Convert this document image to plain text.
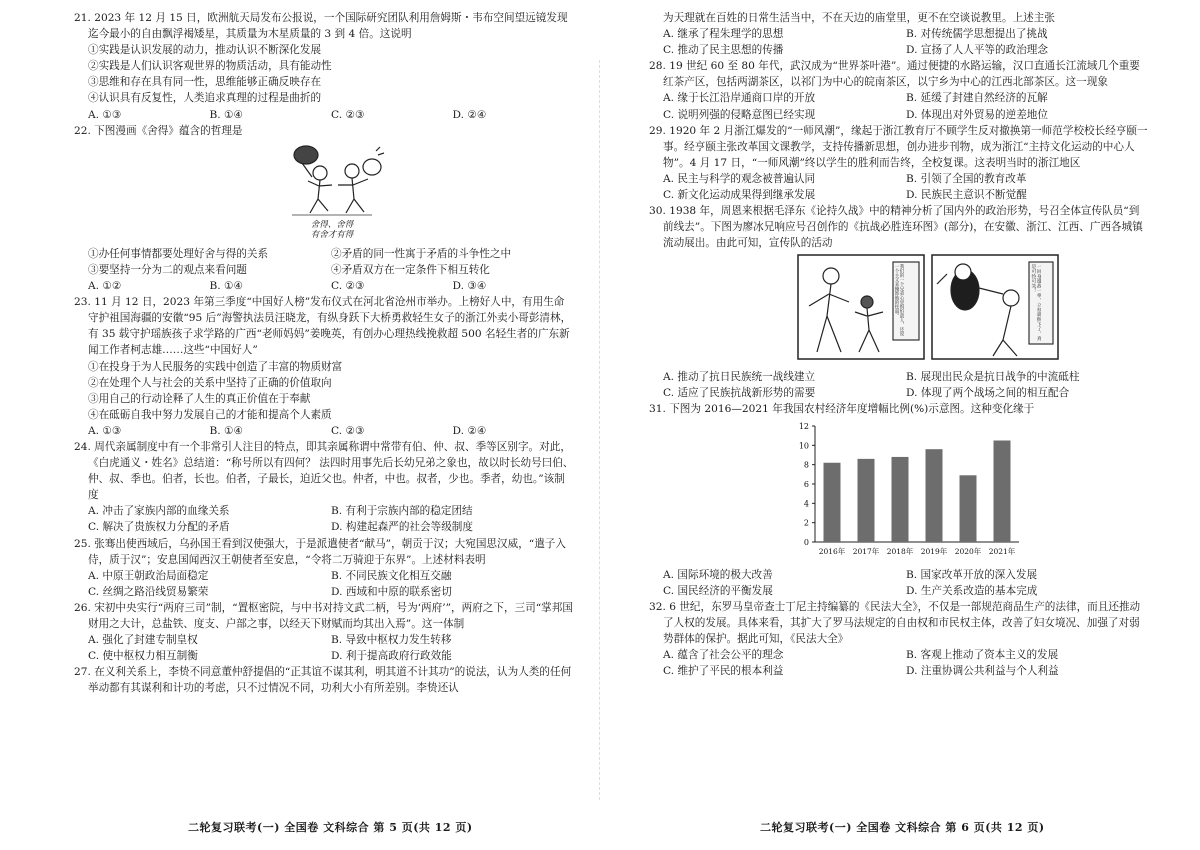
21. 2023 年 12 月 15 日，欧洲航天局发布公报说，一个国际研究团队利用詹姆斯・韦布空间望远镜发现迄今最小的自由飘浮褐矮星，其质量为木星质量的 3 到 4 倍。这说明

①实践是认识发展的动力，推动认识不断深化发展

②实践是人们认识客观世界的物质活动，具有能动性

③思维和存在具有同一性，思维能够正确反映存在

④认识具有反复性，人类追求真理的过程是曲折的

A. ①③	B. ①④	C. ②③	D. ②④

22. 下图漫画《舍得》蕴含的哲理是

舍得、舍得
有舍才有得
①办任何事情都要处理好舍与得的关系	②矛盾的同一性寓于矛盾的斗争性之中
③要坚持一分为二的观点来看问题	④矛盾双方在一定条件下相互转化
A. ①②	B. ①④	C. ②③	D. ③④

23. 11 月 12 日，2023 年第三季度“中国好人榜”发布仪式在河北省沧州市举办。上榜好人中，有用生命守护祖国海疆的安徽“95 后”海警执法员汪晓龙，有纵身跃下大桥勇救轻生女子的浙江外卖小哥彭清林，有 35 载守护瑶族孩子求学路的广西“老师妈妈”姜晚英，有创办心理热线挽救超 500 名轻生者的广东新闻工作者柯志雄……这些“中国好人”

①在投身于为人民服务的实践中创造了丰富的物质财富

②在处理个人与社会的关系中坚持了正确的价值取向

③用自己的行动诠释了人生的真正价值在于奉献

④在砥砺自我中努力发展自己的才能和提高个人素质

A. ①③	B. ①④	C. ②③	D. ②④

24. 周代亲属制度中有一个非常引人注目的特点，即其亲属称谓中常带有伯、仲、叔、季等区别字。对此，《白虎通义・姓名》总结道：“称号所以有四何？ 法四时用事先后长幼兄弟之象也，故以时长幼号曰伯、仲、叔、季也。伯者，长也。伯者，子最长，迫近父也。仲者，中也。叔者，少也。季者，幼也。”该制度

A. 冲击了家族内部的血缘关系	B. 有利于宗族内部的稳定团结
C. 解决了贵族权力分配的矛盾	D. 构建起森严的社会等级制度

25. 张骞出使西域后，乌孙国王看到汉使强大，于是派遣使者“献马”，朝贡于汉；大宛国思汉威，“遣子入侍，质于汉”；安息国闻西汉王朝使者至安息，“令将二万骑迎于东界”。上述材料表明

A. 中原王朝政治局面稳定	B. 不同民族文化相互交融
C. 丝绸之路沿线贸易繁荣	D. 西域和中原的联系密切

26. 宋初中央实行“两府三司”制，“置枢密院，与中书对持文武二柄，号为‘两府’”，两府之下，三司“掌邦国财用之大计，总盐铁、度支、户部之事，以经天下财赋而均其出入焉”。这一体制

A. 强化了封建专制皇权	B. 导致中枢权力发生转移
C. 使中枢权力相互制衡	D. 利于提高政府行政效能

27. 在义利关系上，李贽不同意董仲舒提倡的“正其谊不谋其利，明其道不计其功”的说法，认为人类的任何举动都有其谋利和计功的考虑，只不过情况不同，功利大小有所差别。李贽还认

二轮复习联考(一) 全国卷 文科综合 第 5 页(共 12 页)

为天理就在百姓的日常生活当中，不在天边的庙堂里，更不在空谈说教里。上述主张

A. 继承了程朱理学的思想	B. 对传统儒学思想提出了挑战
C. 推动了民主思想的传播	D. 宣扬了人人平等的政治理念

28. 19 世纪 60 至 80 年代，武汉成为“世界茶叶港”。通过便捷的水路运输，汉口直通长江流域几个重要红茶产区，包括两湖茶区，以祁门为中心的皖南茶区，以宁乡为中心的江西北部茶区。这一现象

A. 缘于长江沿岸通商口岸的开放	B. 延缓了封建自然经济的瓦解
C. 说明列强的侵略意图已经实现	D. 体现出对外贸易的逆差地位

29. 1920 年 2 月浙江爆发的“一师风潮”，缘起于浙江教育厅不顾学生反对撤换第一师范学校校长经亨颐一事。经亨颐主张改革国文课教学，支持传播新思想，创办进步刊物，成为浙江“主持文化运动的中心人物”。4 月 17 日，“一师风潮”终以学生的胜利而告终，全校复课。这表明当时的浙江地区

A. 民主与科学的观念被普遍认同	B. 引领了全国的教育改革
C. 新文化运动成果得到继承发展	D. 民族民主意识不断觉醒

30. 1938 年，周恩来根据毛泽东《论持久战》中的精神分析了国内外的政治形势，号召全体宣传队员“到前线去”。下图为廖冰兄响应号召创作的《抗战必胜连环图》(部分)，在安徽、浙江、江西、广西各城镇流动展出。由此可知，宣传队的活动

我们的一个兄弟心里惧怕敌人，还说一个主义来掩饰他的怯弱。	一回身遭敌一拳，立刻就倒下了，真是可怜可笑！
A. 推动了抗日民族统一战线建立	B. 展现出民众是抗日战争的中流砥柱
C. 适应了民族抗战新形势的需要	D. 体现了两个战场之间的相互配合

31. 下图为 2016—2021 年我国农村经济年度增幅比例(%)示意图。这种变化缘于

0
2
4
6
8
10
12
2016年 2017年 2018年 2019年 2020年 2021年
A. 国际环境的极大改善	B. 国家改革开放的深入发展
C. 国民经济的平衡发展	D. 生产关系改造的基本完成

32. 6 世纪，东罗马皇帝查士丁尼主持编纂的《民法大全》，不仅是一部规范商品生产的法律，而且还推动了人权的发展。具体来看，其扩大了罗马法规定的自由权和市民权主体，改善了妇女境况、加强了对弱势群体的保护。据此可知，《民法大全》

A. 蕴含了社会公平的理念	B. 客观上推动了资本主义的发展
C. 维护了平民的根本利益	D. 注重协调公共利益与个人利益
二轮复习联考(一) 全国卷 文科综合 第 6 页(共 12 页)
